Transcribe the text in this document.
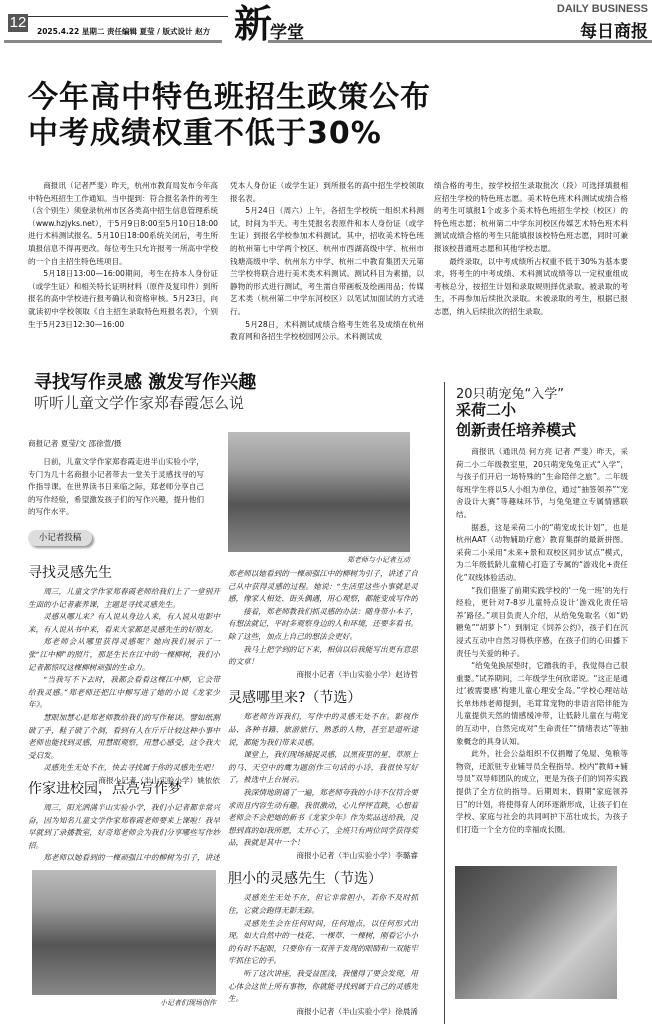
12
2025.4.22 星期二 责任编辑 夏莹 / 版式设计 赵方 新
学堂
DAILY BUSINESS
每日商报
今年高中特色班招生政策公布
中考成绩权重不低于30%

商报讯（记者严斐）昨天，杭州市教育局发布今年高中特色班招生工作通知。当中提到：符合报名条件的考生（含个别生）须登录杭州市区各类高中招生信息管理系统（www.hzjyks.net），于5月9日8:00至5月10日18:00进行术科测试报名。5月10日18:00系统关闭后，考生所填报信息不得再更改。每位考生只允许报考一所高中学校的一个自主招生特色班项目。

5月18日13:00—16:00期间，考生在持本人身份证（或学生证）和相关特长证明材料（原件及复印件）到所报名的高中学校进行报考确认和资格审核。5月23日，向就读初中学校领取《自主招生录取特色班报名表》，个别生于5月23日12:30—16:00

凭本人身份证（或学生证）到所报名的高中招生学校领取报名表。

5月24日（周六）上午，各招生学校统一组织术科测试，时间为半天。考生凭报名表原件和本人身份证（或学生证）到报名学校参加术科测试。其中，招收美术特色班的杭州第七中学两个校区、杭州市西湖高级中学、杭州市钱塘高级中学、杭州东方中学、杭州二中教育集团天元第兰学校将联合进行美术类术科测试。测试科目为素描，以静物的形式进行测试，考生需自带画板及绘画用品；传媒艺术类（杭州第二中学东河校区）以笔试加面试的方式进行。

5月28日，术科测试成绩合格考生姓名及成绩在杭州教育网和各招生学校校园网公示。术科测试成

绩合格的考生，按学校招生录取批次（段）可选择填报相应招生学校的特色班志愿。美术特色班术科测试成绩合格的考生可填报1个或多个美术特色班招生学校（校区）的特色班志愿；杭州第二中学东河校区传媒艺术特色班术科测试成绩合格的考生只能填报该校特色班志愿，同时可兼报该校普通班志愿和其他学校志愿。

最终录取，以中考成绩所占权重不低于30%为基本要求，将考生的中考成绩、术科测试成绩等以一定权重组成考核总分，按招生计划和录取规则择优录取。被录取的考生，不再参加后续批次录取。未被录取的考生，根据已报志愿，纳入后续批次的招生录取。

寻找写作灵感 激发写作兴趣
听听儿童文学作家郑春霞怎么说
商报记者 夏莹/文 邵徐萱/摄

日前，儿童文学作家郑春霞走进半山实验小学，专门为几十名商报小记者带去一堂关于灵感找寻的写作指导课。在世界读书日来临之际，郑老师分享自己的写作经验，希望激发孩子们的写作兴趣，提升他们的写作水平。

郑老师与小记者互动
小记者投稿
寻找灵感先生

周三，儿童文学作家郑春霞老师给我们上了一堂别开生面的小记者素养课，主题是寻找灵感先生。

灵感从哪儿来？有人说从身边人来，有人说从电影中来，有人说从书中来，看来大家都是灵感先生的好朋友。

郑老师会从哪里获得灵感呢？她向我们展示了一张“江中柳”的照片，那是生长在江中的一棵柳树，我们小记者都惊叹这棵柳树顽强的生命力。

“当我写不下去时，我都会看看这棵江中柳，它会带给我灵感。”郑老师还把江中柳写进了她的小说《龙家少年》。

慧眼加慧心是郑老师教给我们的写作秘诀。譬如纸割破了手，鞋子破了个洞，看到有人在斤斤计较这种小事中老师也能找到灵感，用慧眼观察，用慧心感受，这令我大受启发。

灵感先生无处不在，快去寻找属于你的灵感先生吧！

商报小记者（半山实验小学）姚依依
作家进校园，点亮写作梦

周三，阳光洒满半山实验小学，我们小记者都非常兴奋，因为知名儿童文学作家郑春霞老师要来上课啦！我早早就到了录播教室，好奇郑老师会为我们分享哪些写作妙招。

郑老师以她看到的一棵顽强江中的柳树为引子，讲述

小记者们现场创作

郑老师以她看到的一棵顽强江中的柳树为引子，讲述了自己从中获得灵感的过程。她说：“生活里这些小事就是灵感，像家人相处、街头偶遇，用心观察，都能变成写作的

接着，郑老师教我们抓灵感的办法：随身带小本子，有想法就记，平时多观察身边的人和环境，还要多看书。除了这些，加点上自己的想法会更好。

我马上把学到的记下来，相信以后我能写出更有意思的文章！

商报小记者（半山实验小学）赵诗哲
灵感哪里来?（节选）

郑老师告诉我们，写作中的灵感无处不在。影视作品、各种书籍、旅游旅行、熟悉的人物，甚至是道听途说，都能为我们带来灵感。

课堂上，我们现场捕捉灵感，以黑夜里的星、草原上的马、天空中的鹰为题创作三句话的小诗，我很快写好了，被选中上台展示。

我深情地朗诵了一遍，郑老师夸我的小诗不仅符合要求而且内容生动有趣。我很激动，心儿怦怦直跳，心想着老师会不会把她的新书《龙家少年》作为奖品送给我，没想到真的如我所愿，太开心了，全班只有两位同学获得奖品，我就是其中一个！

商报小记者（半山实验小学）李璐睿
胆小的灵感先生（节选）

灵感先生无处不在，但它非常胆小，若你不及时抓住，它就会跑得无影无踪。

灵感先生会在任何时间，任何地点，以任何形式出现。如大自然中的一枝花、一棵草、一棵树，刚看它小小的有时不起眼，只要你有一双善于发现的眼睛和一双能牢牢抓住它的手。

听了这次讲座，我受益匪浅，我懂得了要会发现，用心体会这世上所有事物，你就能寻找到属于自己的灵感先生。

商报小记者（半山实验小学）徐晨浠
20只萌宠兔“入学”
采荷二小
创新责任培养模式

商报讯（通讯员 何方亮 记者 严斐）昨天，采荷二小二年级教室里，20只萌宠兔兔正式“入学”，与孩子们开启一场特殊的“生命陪伴之旅”。二年级每班学生将以5人小组为单位，通过“抽签领养”“宠舍设计大赛”等趣味环节，与兔兔建立专属情感联结。

据悉，这是采荷二小的“萌宠成长计划”，也是杭州AAT（动物辅助疗愈）教育集群的最新拼图。采荷二小采用“未来+景和双校区同步试点”模式，为二年级低龄儿童精心打造了专属的“游戏化+责任化”双线体验活动。

“我们借鉴了前期实践学校的‘一兔一班’的先行经验，更针对7-8岁儿童特点设计‘游戏化责任培养’路径。”项目负责人介绍，从给兔兔取名（如“奶糖兔”“胡萝卜”）到制定《饲养公约》，孩子们在沉浸式互动中自然习得秩序感，在孩子们的心田播下责任与关爱的种子。

“给兔兔换尿垫时，它蹭我的手，我觉得自己很重要。”试养期间，二年级学生何欣诺说。“这正是通过‘被需要感’构建儿童心理安全岛。”学校心理站站长单炜炜老师提到，毛茸茸宠物的非语言陪伴能为儿童提供天然的情感缓冲带，让低龄儿童在与萌宠的互动中，自然完成对“生命责任”“情绪表达”等抽象概念的具身认知。

此外，社会公益组织不仅捐赠了兔屋、兔粮等物资，还派驻专业辅导员全程指导。校内“教师+辅导员”双导师团队的成立，更是为孩子们的饲养实践提供了全方位的指导。后期周末、假期“家庭领养日”的计划，将使得育人闭环逐渐形成，让孩子们在学校、家庭与社会的共同呵护下茁壮成长，为孩子们打造一个全方位的幸福成长圈。
